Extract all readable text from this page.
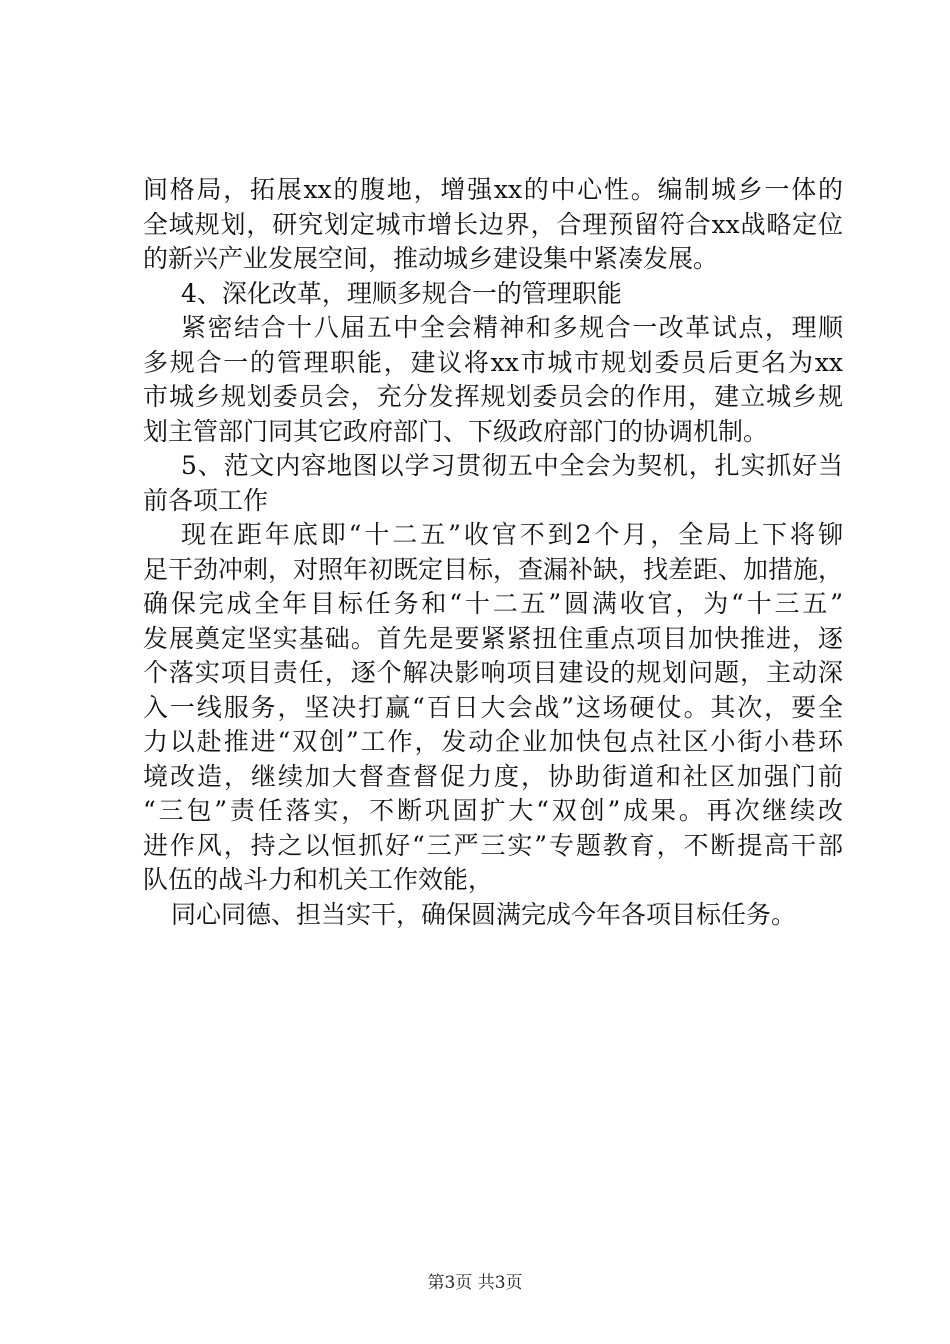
间格局，拓展xx的腹地，增强xx的中心性。编制城乡一体的
全域规划，研究划定城市增长边界，合理预留符合xx战略定位
的新兴产业发展空间，推动城乡建设集中紧凑发展。
4、深化改革，理顺多规合一的管理职能
紧密结合十八届五中全会精神和多规合一改革试点，理顺
多规合一的管理职能，建议将xx市城市规划委员后更名为xx
市城乡规划委员会，充分发挥规划委员会的作用，建立城乡规
划主管部门同其它政府部门、下级政府部门的协调机制。
5、范文内容地图以学习贯彻五中全会为契机，扎实抓好当
前各项工作
现在距年底即“十二五”收官不到2个月，全局上下将铆
足干劲冲刺，对照年初既定目标，查漏补缺，找差距、加措施，
确保完成全年目标任务和“十二五”圆满收官，为“十三五”
发展奠定坚实基础。首先是要紧紧扭住重点项目加快推进，逐
个落实项目责任，逐个解决影响项目建设的规划问题，主动深
入一线服务，坚决打赢“百日大会战”这场硬仗。其次，要全
力以赴推进“双创”工作，发动企业加快包点社区小街小巷环
境改造，继续加大督查督促力度，协助街道和社区加强门前
“三包”责任落实，不断巩固扩大“双创”成果。再次继续改
进作风，持之以恒抓好“三严三实”专题教育，不断提高干部
队伍的战斗力和机关工作效能，
同心同德、担当实干，确保圆满完成今年各项目标任务。
第3页 共3页
